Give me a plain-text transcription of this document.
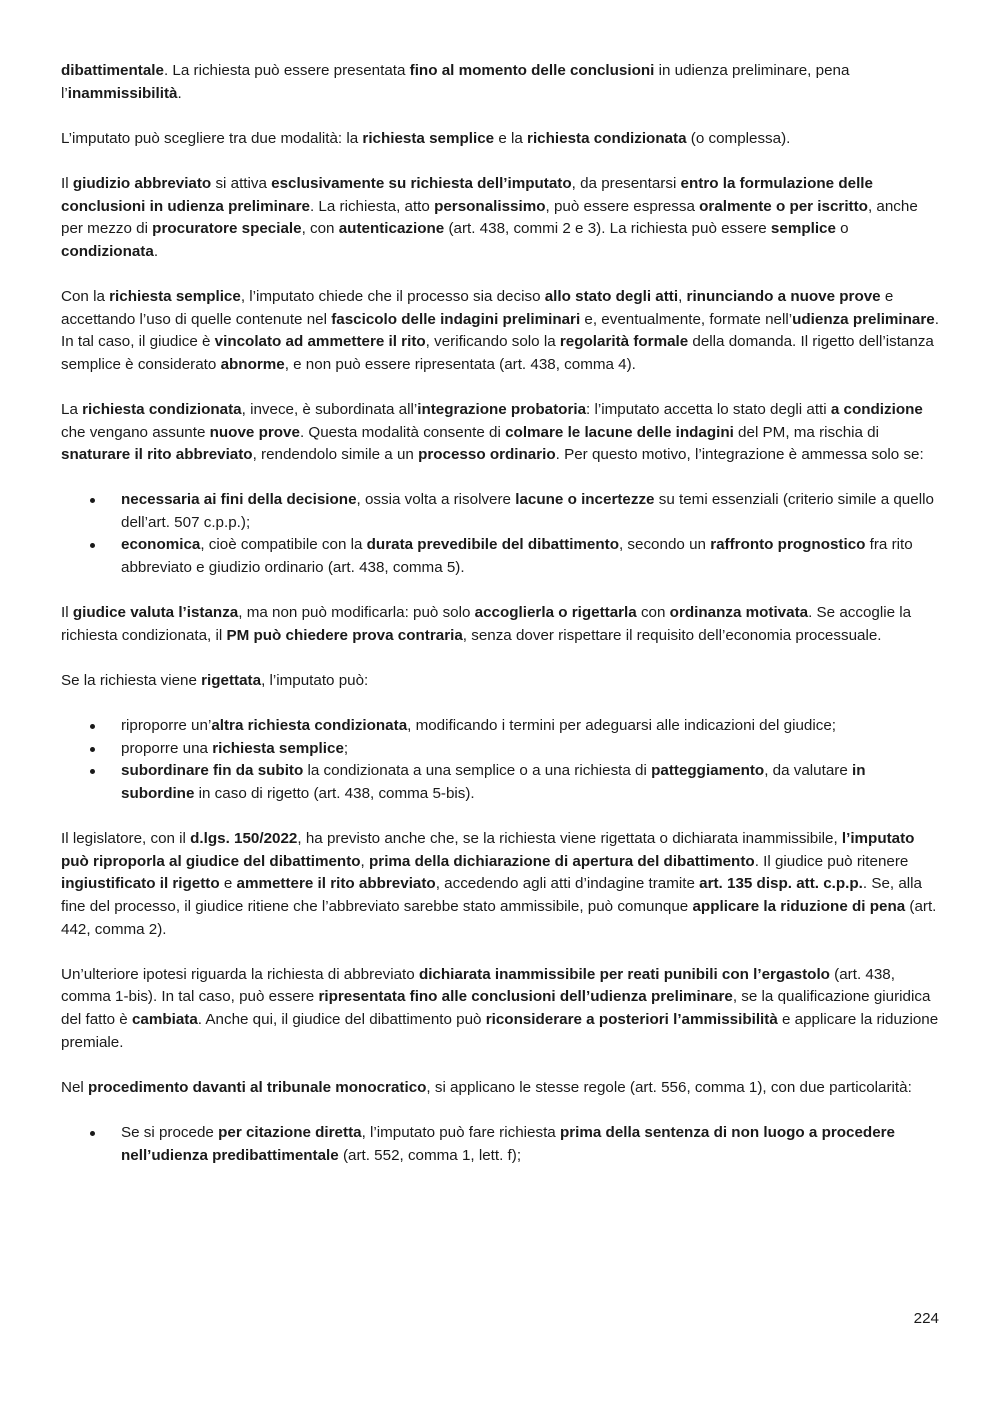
dibattimentale. La richiesta può essere presentata fino al momento delle conclusioni in udienza preliminare, pena l’inammissibilità.

L’imputato può scegliere tra due modalità: la richiesta semplice e la richiesta condizionata (o complessa).

Il giudizio abbreviato si attiva esclusivamente su richiesta dell’imputato, da presentarsi entro la formulazione delle conclusioni in udienza preliminare. La richiesta, atto personalissimo, può essere espressa oralmente o per iscritto, anche per mezzo di procuratore speciale, con autenticazione (art. 438, commi 2 e 3). La richiesta può essere semplice o condizionata.

Con la richiesta semplice, l’imputato chiede che il processo sia deciso allo stato degli atti, rinunciando a nuove prove e accettando l’uso di quelle contenute nel fascicolo delle indagini preliminari e, eventualmente, formate nell’udienza preliminare. In tal caso, il giudice è vincolato ad ammettere il rito, verificando solo la regolarità formale della domanda. Il rigetto dell’istanza semplice è considerato abnorme, e non può essere ripresentata (art. 438, comma 4).

La richiesta condizionata, invece, è subordinata all’integrazione probatoria: l’imputato accetta lo stato degli atti a condizione che vengano assunte nuove prove. Questa modalità consente di colmare le lacune delle indagini del PM, ma rischia di snaturare il rito abbreviato, rendendolo simile a un processo ordinario. Per questo motivo, l’integrazione è ammessa solo se:

necessaria ai fini della decisione, ossia volta a risolvere lacune o incertezze su temi essenziali (criterio simile a quello dell’art. 507 c.p.p.);
economica, cioè compatibile con la durata prevedibile del dibattimento, secondo un raffronto prognostico fra rito abbreviato e giudizio ordinario (art. 438, comma 5).

Il giudice valuta l’istanza, ma non può modificarla: può solo accoglierla o rigettarla con ordinanza motivata. Se accoglie la richiesta condizionata, il PM può chiedere prova contraria, senza dover rispettare il requisito dell’economia processuale.

Se la richiesta viene rigettata, l’imputato può:

riproporre un’altra richiesta condizionata, modificando i termini per adeguarsi alle indicazioni del giudice;
proporre una richiesta semplice;
subordinare fin da subito la condizionata a una semplice o a una richiesta di patteggiamento, da valutare in subordine in caso di rigetto (art. 438, comma 5-bis).

Il legislatore, con il d.lgs. 150/2022, ha previsto anche che, se la richiesta viene rigettata o dichiarata inammissibile, l’imputato può riproporla al giudice del dibattimento, prima della dichiarazione di apertura del dibattimento. Il giudice può ritenere ingiustificato il rigetto e ammettere il rito abbreviato, accedendo agli atti d’indagine tramite art. 135 disp. att. c.p.p.. Se, alla fine del processo, il giudice ritiene che l’abbreviato sarebbe stato ammissibile, può comunque applicare la riduzione di pena (art. 442, comma 2).

Un’ulteriore ipotesi riguarda la richiesta di abbreviato dichiarata inammissibile per reati punibili con l’ergastolo (art. 438, comma 1-bis). In tal caso, può essere ripresentata fino alle conclusioni dell’udienza preliminare, se la qualificazione giuridica del fatto è cambiata. Anche qui, il giudice del dibattimento può riconsiderare a posteriori l’ammissibilità e applicare la riduzione premiale.

Nel procedimento davanti al tribunale monocratico, si applicano le stesse regole (art. 556, comma 1), con due particolarità:

Se si procede per citazione diretta, l’imputato può fare richiesta prima della sentenza di non luogo a procedere nell’udienza predibattimentale (art. 552, comma 1, lett. f);
224
